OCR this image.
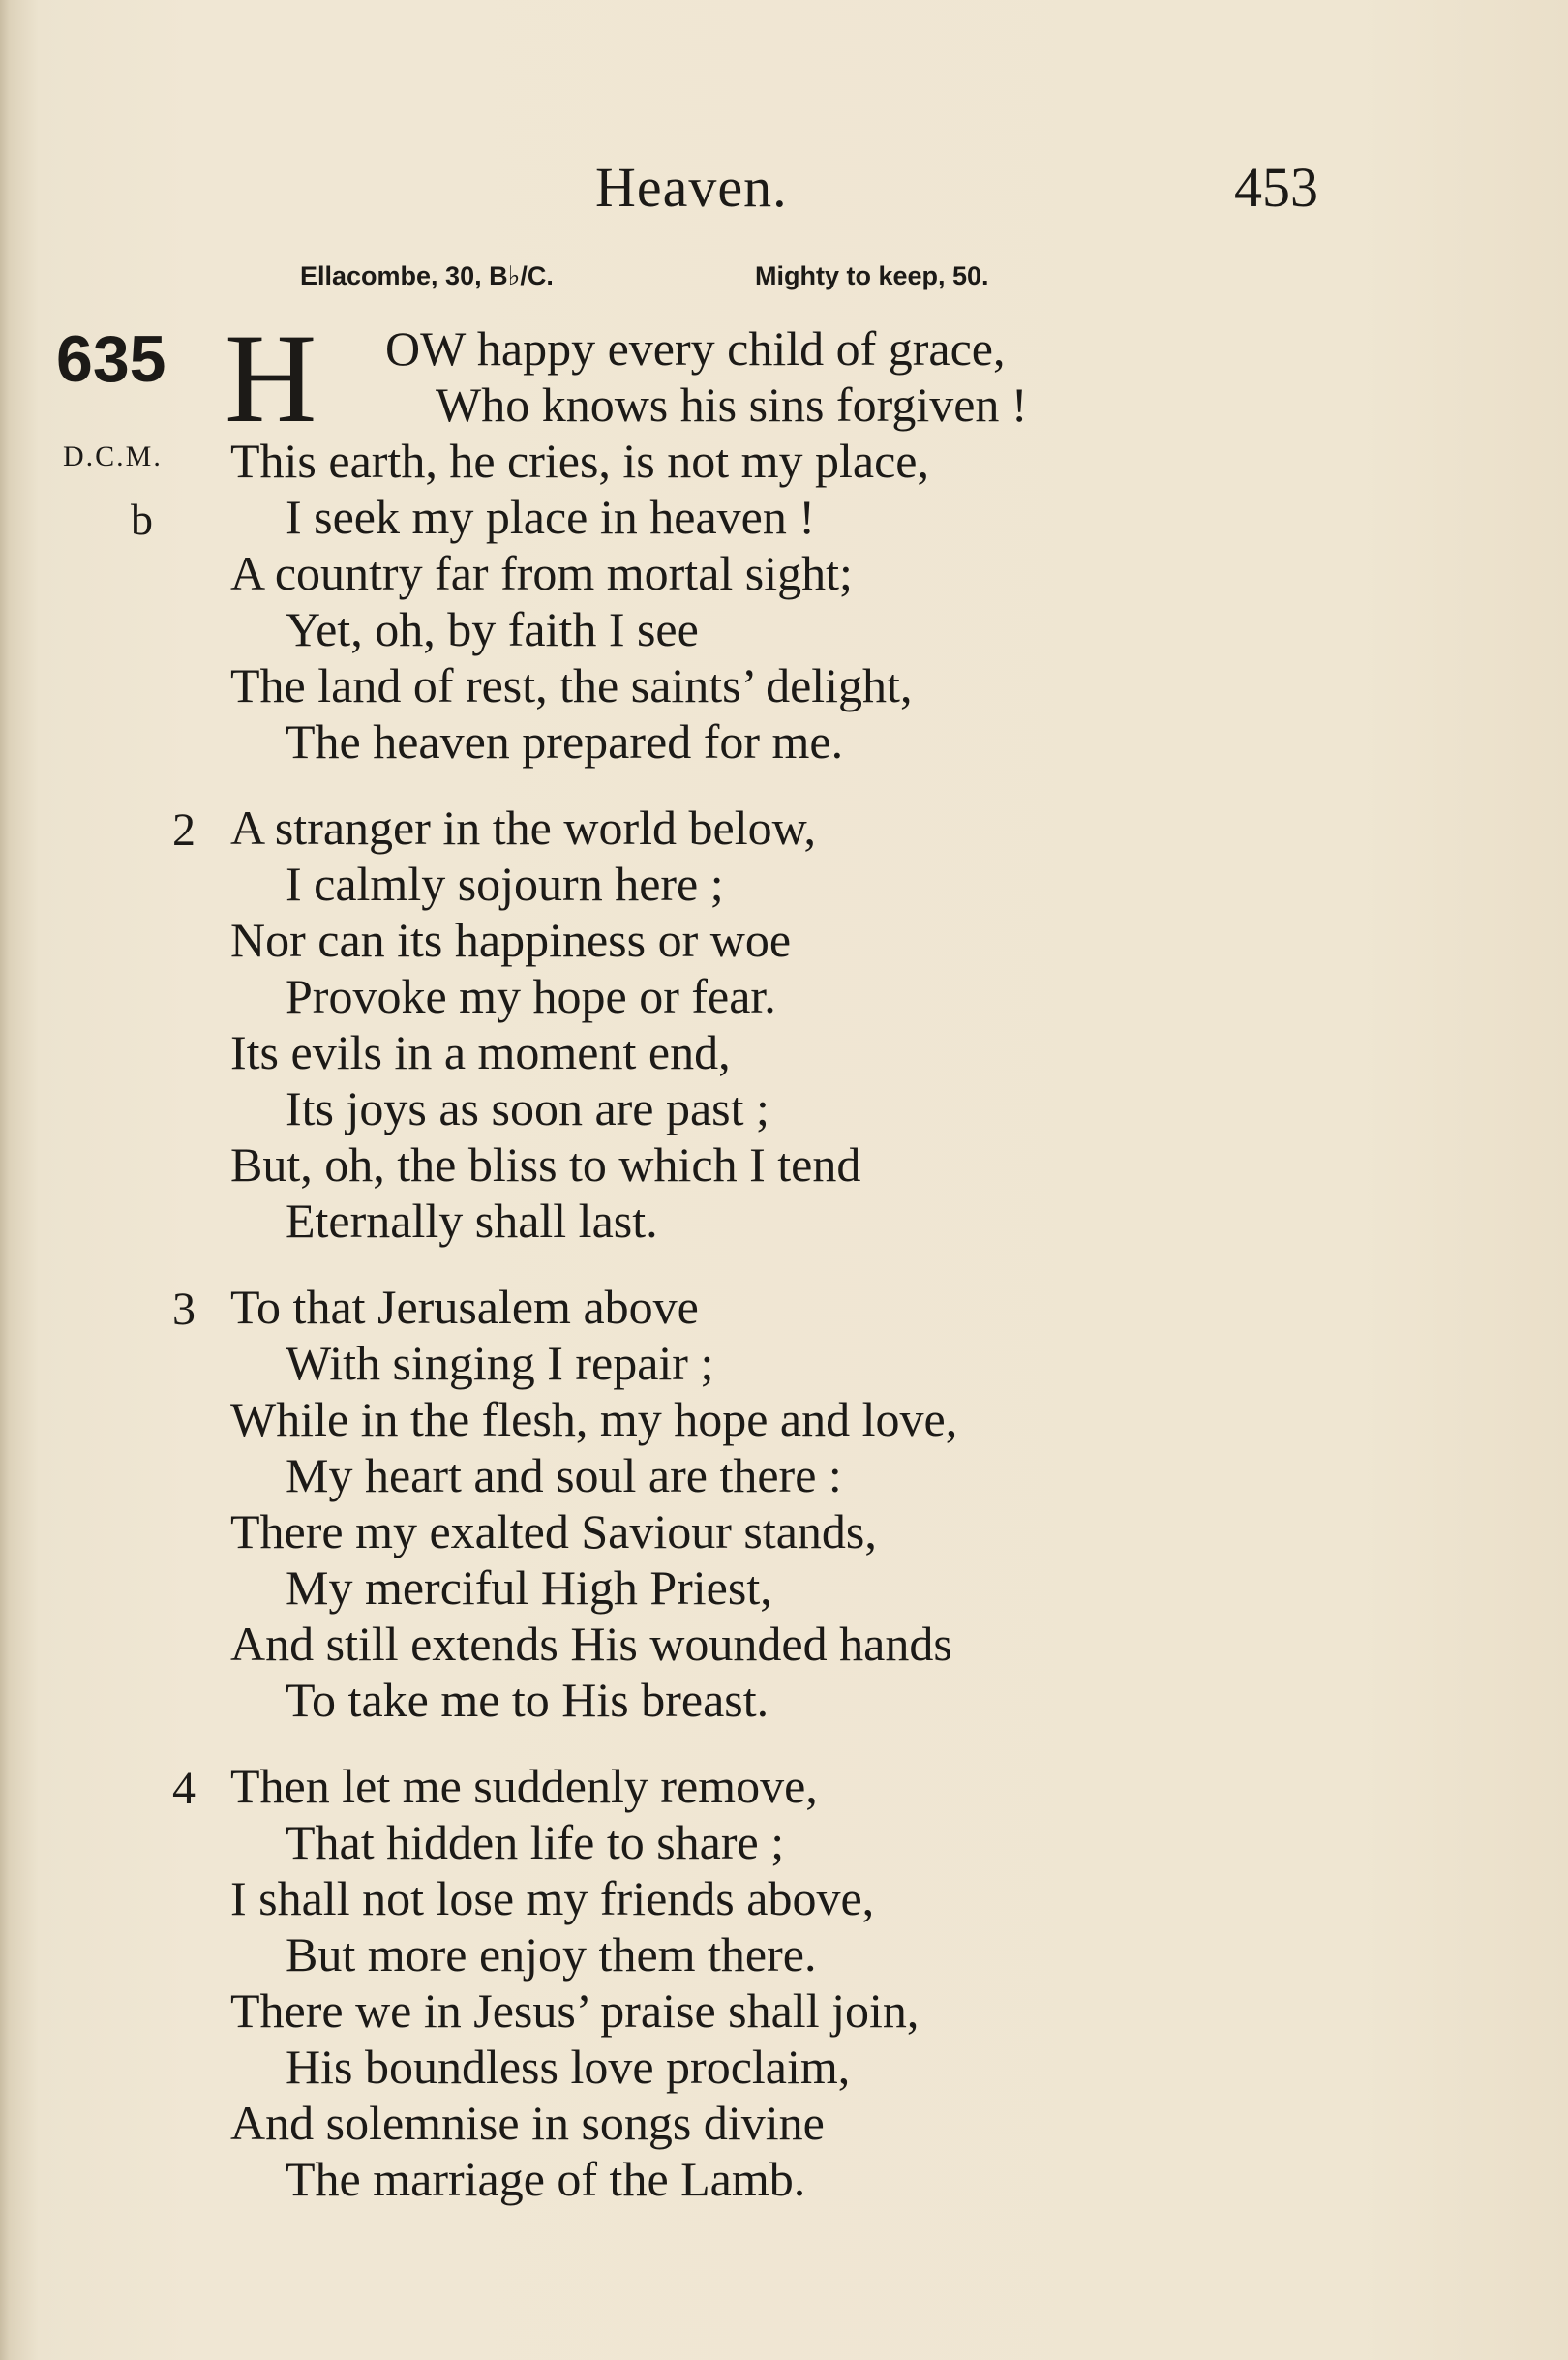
Heaven.	453
Ellacombe, 30, B♭/C.	Mighty to keep, 50.
635
D.C.M.
b
H OW happy every child of grace,
Who knows his sins forgiven !
This earth, he cries, is not my place,
I seek my place in heaven !
A country far from mortal sight;
Yet, oh, by faith I see
The land of rest, the saints’ delight,
The heaven prepared for me.
2 A stranger in the world below,
I calmly sojourn here ;
Nor can its happiness or woe
Provoke my hope or fear.
Its evils in a moment end,
Its joys as soon are past ;
But, oh, the bliss to which I tend
Eternally shall last.
3 To that Jerusalem above
With singing I repair ;
While in the flesh, my hope and love,
My heart and soul are there :
There my exalted Saviour stands,
My merciful High Priest,
And still extends His wounded hands
To take me to His breast.
4 Then let me suddenly remove,
That hidden life to share ;
I shall not lose my friends above,
But more enjoy them there.
There we in Jesus’ praise shall join,
His boundless love proclaim,
And solemnise in songs divine
The marriage of the Lamb.
